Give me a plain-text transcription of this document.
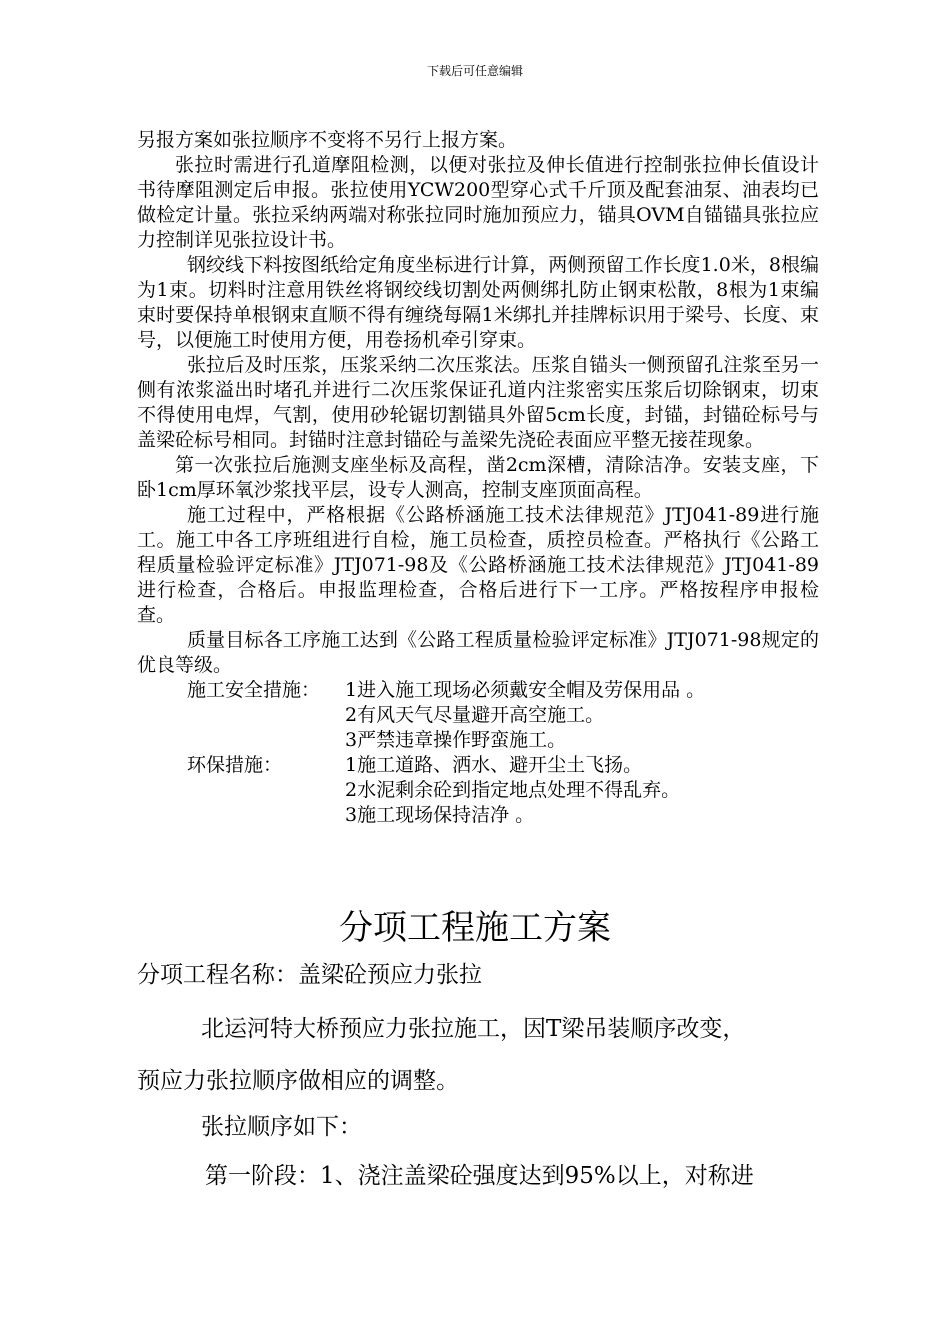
下载后可任意编辑

另报方案如张拉顺序不变将不另行上报方案。

张拉时需进行孔道摩阻检测，以便对张拉及伸长值进行控制张拉伸长值设计书待摩阻测定后申报。张拉使用YCW200型穿心式千斤顶及配套油泵、油表均已做检定计量。张拉采纳两端对称张拉同时施加预应力，锚具OVM自锚锚具张拉应力控制详见张拉设计书。

钢绞线下料按图纸给定角度坐标进行计算，两侧预留工作长度1.0米，8根编为1束。切料时注意用铁丝将钢绞线切割处两侧绑扎防止钢束松散，8根为1束编束时要保持单根钢束直顺不得有缠绕每隔1米绑扎并挂牌标识用于梁号、长度、束号，以便施工时使用方便，用卷扬机牵引穿束。

张拉后及时压浆，压浆采纳二次压浆法。压浆自锚头一侧预留孔注浆至另一侧有浓浆溢出时堵孔并进行二次压浆保证孔道内注浆密实压浆后切除钢束，切束不得使用电焊，气割，使用砂轮锯切割锚具外留5cm长度，封锚，封锚砼标号与盖梁砼标号相同。封锚时注意封锚砼与盖梁先浇砼表面应平整无接茬现象。

第一次张拉后施测支座坐标及高程，凿2cm深槽，清除洁净。安装支座，下卧1cm厚环氧沙浆找平层，设专人测高，控制支座顶面高程。

施工过程中，严格根据《公路桥涵施工技术法律规范》JTJ041-89进行施工。施工中各工序班组进行自检，施工员检查，质控员检查。严格执行《公路工程质量检验评定标准》JTJ071-98及《公路桥涵施工技术法律规范》JTJ041-89进行检查，合格后。申报监理检查，合格后进行下一工序。严格按程序申报检查。

质量目标各工序施工达到《公路工程质量检验评定标准》JTJ071-98规定的优良等级。

施工安全措施：	1进入施工现场必须戴安全帽及劳保用品 。
2有风天气尽量避开高空施工。
3严禁违章操作野蛮施工。
环保措施：	1施工道路、洒水、避开尘土飞扬。
2水泥剩余砼到指定地点处理不得乱弃。
3施工现场保持洁净 。
分项工程施工方案
分项工程名称：盖梁砼预应力张拉
北运河特大桥预应力张拉施工，因T梁吊装顺序改变，
预应力张拉顺序做相应的调整。
张拉顺序如下：
第一阶段：1、浇注盖梁砼强度达到95%以上，对称进
